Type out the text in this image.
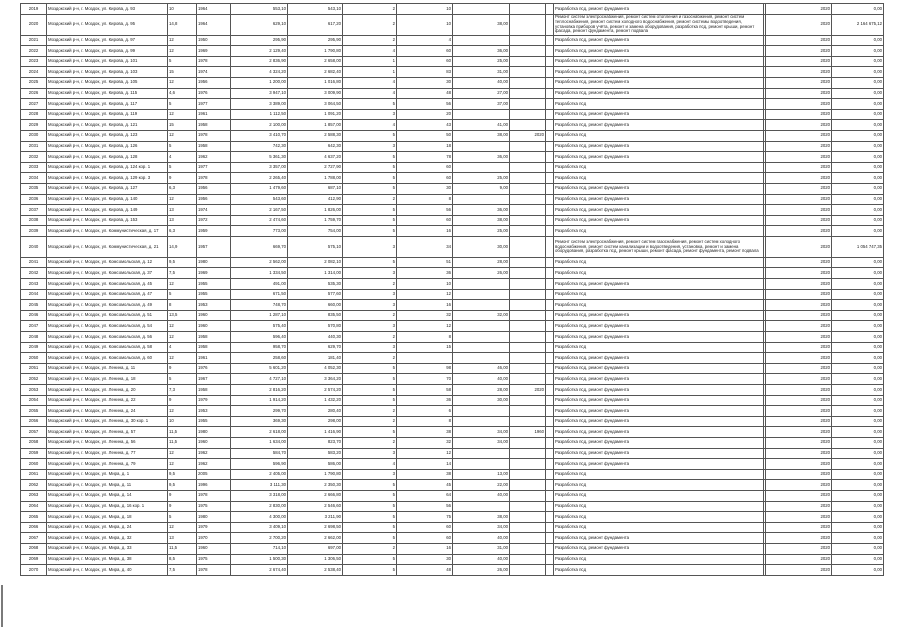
2019	Моздокский р-н, г. Моздок, ул. Кирова, д. 93	10	1964	553,10	543,10	2	10				Разработка псд, ремонт фундамента		2020	0,00
2020	Моздокский р-н, г. Моздок, ул. Кирова, д. 95	14,8	1964	629,10	617,20	2	10	38,00			Ремонт систем электроснабжения, ремонт систем отопления и газоснабжения, ремонт систем теплоснабжения, ремонт систем холодного водоснабжения, ремонт системы водоотведения, установка приборов учёта, ремонт и замена оборудования, разработка псд, ремонт крыши, ремонт фасада, ремонт фундамента, ремонт подвала		2020	2 164 675,12
2021	Моздокский р-н, г. Моздок, ул. Кирова, д. 97	12	1950	295,90	295,90	2	4				Разработка псд, ремонт фундамента		2020	0,00
2022	Моздокский р-н, г. Моздок, ул. Кирова, д. 99	12	1969	2 129,40	1 790,80	4	60	36,00			Разработка псд, ремонт фундамента		2020	0,00
2023	Моздокский р-н, г. Моздок, ул. Кирова, д. 101	5	1978	2 836,90	2 658,00	1	60	25,00			Разработка псд, ремонт фундамента		2020	0,00
2024	Моздокский р-н, г. Моздок, ул. Кирова, д. 103	15	1974	4 324,20	2 682,40	1	83	31,00			Разработка псд, ремонт фундамента		2020	0,00
2025	Моздокский р-н, г. Моздок, ул. Кирова, д. 105	12	1956	1 200,00	1 016,80	4	30	40,00			Разработка псд, ремонт фундамента		2020	0,00
2026	Моздокский р-н, г. Моздок, ул. Кирова, д. 115	4,6	1976	3 947,10	3 009,90	4	48	27,00			Разработка псд, ремонт фундамента		2020	0,00
2027	Моздокский р-н, г. Моздок, ул. Кирова, д. 117	5	1977	3 389,00	3 064,50	5	56	37,00			Разработка псд		2020	0,00
2028	Моздокский р-н, г. Моздок, ул. Кирова, д. 119	12	1961	1 112,50	1 091,20	3	20				Разработка псд, ремонт фундамента		2020	0,00
2029	Моздокский р-н, г. Моздок, ул. Кирова, д. 121	15	1958	2 100,00	1 857,00	4	43	41,00			Разработка псд, ремонт фундамента		2020	0,00
2030	Моздокский р-н, г. Моздок, ул. Кирова, д. 123	12	1978	3 410,70	2 588,30	5	50	38,00	2020		Разработка псд		2020	0,00
2031	Моздокский р-н, г. Моздок, ул. Кирова, д. 126	5	1958	742,30	642,30	3	18				Разработка псд, ремонт фундамента		2020	0,00
2032	Моздокский р-н, г. Моздок, ул. Кирова, д. 128	4	1962	5 361,30	4 637,20	5	78	36,00			Разработка псд, ремонт фундамента		2020	0,00
2033	Моздокский р-н, г. Моздок, ул. Кирова, д. 124 кор. 1	5	1977	3 357,00	2 727,90	5	60				Разработка псд		2020	0,00
2034	Моздокский р-н, г. Моздок, ул. Кирова, д. 129 кор. 3	9	1978	2 265,40	1 788,00	5	60	25,00			Разработка псд		2020	0,00
2035	Моздокский р-н, г. Моздок, ул. Кирова, д. 127	6,3	1956	1 479,60	687,10	5	30	9,00			Разработка псд, ремонт фундамента		2020	0,00
2036	Моздокский р-н, г. Моздок, ул. Кирова, д. 140	12	1956	543,60	412,90	2	8				Разработка псд, ремонт фундамента		2020	0,00
2037	Моздокский р-н, г. Моздок, ул. Кирова, д. 149	13	1974	2 167,50	1 826,00	5	56	36,00			Разработка псд, ремонт фундамента		2020	0,00
2038	Моздокский р-н, г. Моздок, ул. Кирова, д. 153	13	1972	2 474,60	1 759,70	5	60	38,00			Разработка псд, ремонт фундамента		2020	0,00
2039	Моздокский р-н, г. Моздок, ул. Коммунистическая, д. 17	6,3	1959	773,00	754,00	5	16	25,00			Разработка псд		2020	0,00
2040	Моздокский р-н, г. Моздок, ул. Коммунистическая, д. 21	14,9	1957	669,70	575,10	3	34	30,00			Ремонт систем электроснабжения, ремонт систем газоснабжения, ремонт систем холодного водоснабжения, ремонт систем канализации и водоотведения, установка, ремонт и замена оборудования, разработка псд, ремонт крыши, ремонт фасада, ремонт фундамента, ремонт подвала		2020	1 054 747,35
2041	Моздокский р-н, г. Моздок, ул. Комсомольская, д. 12	9,5	1980	2 562,00	2 082,10	5	51	28,00			Разработка псд		2020	0,00
2042	Моздокский р-н, г. Моздок, ул. Комсомольская, д. 37	7,5	1969	1 334,50	1 314,00	3	36	26,00			Разработка псд		2020	0,00
2043	Моздокский р-н, г. Моздок, ул. Комсомольская, д. 45	12	1955	491,00	535,30	2	10				Разработка псд, ремонт фундамента		2020	0,00
2044	Моздокский р-н, г. Моздок, ул. Комсомольская, д. 47	5	1955	671,50	577,60	3	12				Разработка псд		2020	0,00
2045	Моздокский р-н, г. Моздок, ул. Комсомольская, д. 49	8	1953	748,70	660,00	3	16				Разработка псд		2020	0,00
2046	Моздокский р-н, г. Моздок, ул. Комсомольская, д. 51	13,5	1960	1 287,10	835,50	2	32	32,00			Разработка псд, ремонт фундамента		2020	0,00
2047	Моздокский р-н, г. Моздок, ул. Комсомольская, д. 54	12	1960	575,40	570,80	3	12				Разработка псд, ремонт фундамента		2020	0,00
2048	Моздокский р-н, г. Моздок, ул. Комсомольская, д. 56	12	1958	596,40	440,30	2	8				Разработка псд, ремонт фундамента		2020	0,00
2049	Моздокский р-н, г. Моздок, ул. Комсомольская, д. 58	4	1958	958,70	629,70	3	15				Разработка псд		2020	0,00
2050	Моздокский р-н, г. Моздок, ул. Комсомольская, д. 60	12	1961	258,60	181,40	2					Разработка псд, ремонт фундамента		2020	0,00
2051	Моздокский р-н, г. Моздок, ул. Ленина, д. 11	9	1976	5 601,20	4 052,30	5	98	46,00			Разработка псд, ремонт фундамента		2020	0,00
2052	Моздокский р-н, г. Моздок, ул. Ленина, д. 18	5	1967	4 727,10	3 364,20	5	70	40,00			Разработка псд, ремонт фундамента		2020	0,00
2053	Моздокский р-н, г. Моздок, ул. Ленина, д. 20	7,3	1958	2 816,20	2 574,20	5	58	28,00	2020		Разработка псд, ремонт фундамента		2020	0,00
2054	Моздокский р-н, г. Моздок, ул. Ленина, д. 22	9	1979	1 914,20	1 432,20	5	36	30,00			Разработка псд, ремонт фундамента		2020	0,00
2055	Моздокский р-н, г. Моздок, ул. Ленина, д. 24	12	1953	299,70	280,40	2	6				Разработка псд, ремонт фундамента		2020	0,00
2056	Моздокский р-н, г. Моздок, ул. Ленина, д. 30 кор. 1	10	1955	369,30	298,00	2	8				Разработка псд, ремонт фундамента		2020	0,00
2057	Моздокский р-н, г. Моздок, ул. Ленина, д. 57	11,5	1980	2 618,00	1 416,90	5	38	34,00	1960		Разработка псд, ремонт фундамента		2020	0,00
2058	Моздокский р-н, г. Моздок, ул. Ленина, д. 56	11,5	1960	1 634,00	823,70	2	32	34,00			Разработка псд, ремонт фундамента		2020	0,00
2059	Моздокский р-н, г. Моздок, ул. Ленина, д. 77	12	1962	584,70	583,20	3	12				Разработка псд, ремонт фундамента		2020	0,00
2060	Моздокский р-н, г. Моздок, ул. Ленина, д. 79	12	1962	596,90	586,00	4	14				Разработка псд, ремонт фундамента		2020	0,00
2061	Моздокский р-н, г. Моздок, ул. Мира, д. 1	9,5	2005	2 405,00	1 790,80	3	38	13,00			Разработка псд		2020	0,00
2062	Моздокский р-н, г. Моздок, ул. Мира, д. 11	9,5	1996	3 111,30	2 350,30	5	45	22,00			Разработка псд		2020	0,00
2063	Моздокский р-н, г. Моздок, ул. Мира, д. 14	9	1978	3 318,00	2 666,80	5	64	40,00			Разработка псд		2020	0,00
2064	Моздокский р-н, г. Моздок, ул. Мира, д. 16 кор. 1	9	1975	2 830,00	2 546,60	5	56				Разработка псд		2020	0,00
2065	Моздокский р-н, г. Моздок, ул. Мира, д. 18	5	1980	4 300,00	3 211,90	5	75	38,00			Разработка псд		2020	0,00
2066	Моздокский р-н, г. Моздок, ул. Мира, д. 24	12	1979	3 409,10	2 698,50	5	60	34,00			Разработка псд		2020	0,00
2067	Моздокский р-н, г. Моздок, ул. Мира, д. 32	13	1970	2 700,20	2 662,00	5	60	40,00			Разработка псд, ремонт фундамента		2020	0,00
2068	Моздокский р-н, г. Моздок, ул. Мира, д. 33	11,5	1960	714,10	697,00	2	16	31,00			Разработка псд, ремонт фундамента		2020	0,00
2069	Моздокский р-н, г. Моздок, ул. Мира, д. 38	8,5	1975	1 500,30	1 306,50	5	30	40,00			Разработка псд		2020	0,00
2070	Моздокский р-н, г. Моздок, ул. Мира, д. 40	7,5	1978	2 674,40	2 538,40	5	48	26,00			Разработка псд		2020	0,00
